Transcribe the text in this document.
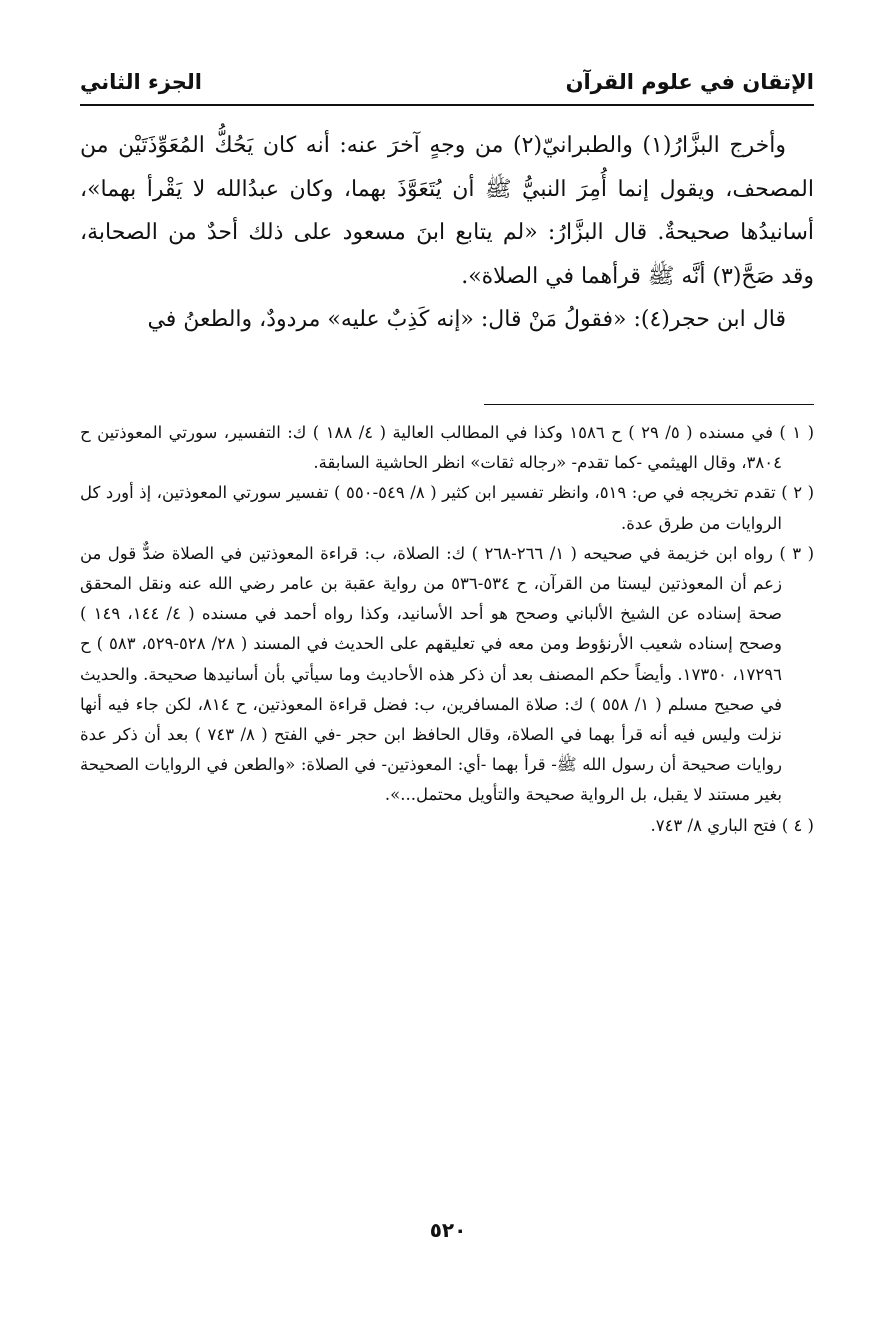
الإتقان في علوم القرآن
الجزء الثاني

وأخرج البزَّارُ(١) والطبرانيّ(٢) من وجهٍ آخرَ عنه: أنه كان يَحُكُّ المُعَوِّذَتَيْن من المصحف، ويقول إنما أُمِرَ النبيُّ ﷺ أن يُتَعَوَّذَ بهما، وكان عبدُالله لا يَقْرأ بهما»، أسانيدُها صحيحةٌ. قال البزَّارُ: «لم يتابع ابنَ مسعود على ذلك أحدٌ من الصحابة، وقد صَحَّ(٣) أنَّه ﷺ قرأهما في الصلاة».

قال ابن حجر(٤): «فقولُ مَنْ قال: «إنه كَذِبٌ عليه» مردودٌ، والطعنُ في

( ١ ) في مسنده ( ٥/ ٢٩ ) ح ١٥٨٦ وكذا في المطالب العالية ( ٤/ ١٨٨ ) ك: التفسير، سورتي المعوذتين ح ٣٨٠٤، وقال الهيثمي -كما تقدم- «رجاله ثقات» انظر الحاشية السابقة.

( ٢ ) تقدم تخريجه في ص: ٥١٩، وانظر تفسير ابن كثير ( ٨/ ٥٤٩-٥٥٠ ) تفسير سورتي المعوذتين، إذ أورد كل الروايات من طرق عدة.

( ٣ ) رواه ابن خزيمة في صحيحه ( ١/ ٢٦٦-٢٦٨ ) ك: الصلاة، ب: قراءة المعوذتين في الصلاة ضدٌّ قول من زعم أن المعوذتين ليستا من القرآن، ح ٥٣٤-٥٣٦ من رواية عقبة بن عامر رضي الله عنه ونقل المحقق صحة إسناده عن الشيخ الألباني وصحح هو أحد الأسانيد، وكذا رواه أحمد في مسنده ( ٤/ ١٤٤، ١٤٩ ) وصحح إسناده شعيب الأرنؤوط ومن معه في تعليقهم على الحديث في المسند ( ٢٨/ ٥٢٨-٥٢٩، ٥٨٣ ) ح ١٧٢٩٦، ١٧٣٥٠. وأيضاً حكم المصنف بعد أن ذكر هذه الأحاديث وما سيأتي بأن أسانيدها صحيحة. والحديث في صحيح مسلم ( ١/ ٥٥٨ ) ك: صلاة المسافرين، ب: فضل قراءة المعوذتين، ح ٨١٤، لكن جاء فيه أنها نزلت وليس فيه أنه قرأ بهما في الصلاة، وقال الحافظ ابن حجر -في الفتح ( ٨/ ٧٤٣ ) بعد أن ذكر عدة روايات صحيحة أن رسول الله ﷺ- قرأ بهما -أي: المعوذتين- في الصلاة: «والطعن في الروايات الصحيحة بغير مستند لا يقبل، بل الرواية صحيحة والتأويل محتمل...».

( ٤ ) فتح الباري ٨/ ٧٤٣.

٥٢٠
